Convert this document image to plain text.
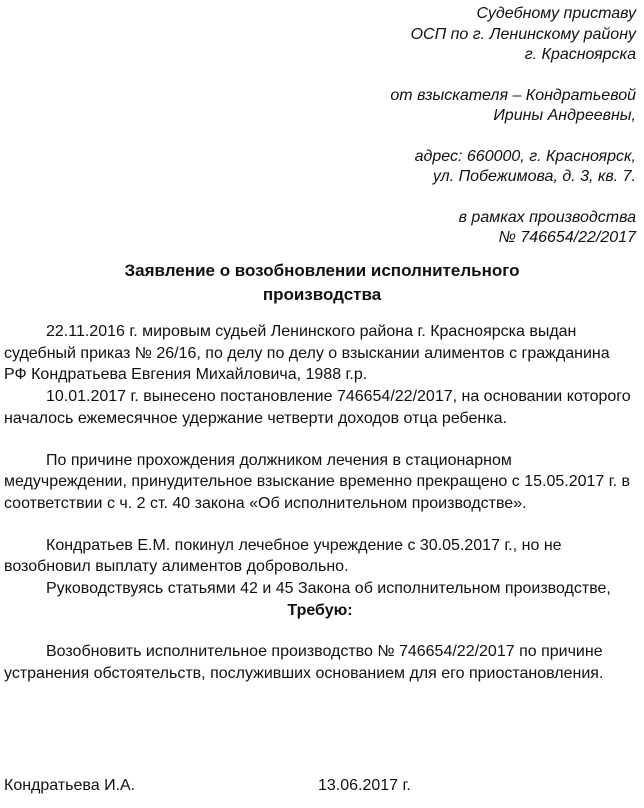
Судебному приставу
ОСП по г. Ленинскому району
г. Красноярска
от взыскателя – Кондратьевой
Ирины Андреевны,
адрес: 660000, г. Красноярск,
ул. Побежимова, д. 3, кв. 7.
в рамках производства
№ 746654/22/2017
Заявление о возобновлении исполнительного
производства

22.11.2016 г. мировым судьей Ленинского района г. Красноярска выдан судебный приказ № 26/16, по делу по делу о взыскании алиментов с гражданина РФ Кондратьева Евгения Михайловича, 1988 г.р.

10.01.2017 г. вынесено постановление 746654/22/2017, на основании которого началось ежемесячное удержание четверти доходов отца ребенка.

По причине прохождения должником лечения в стационарном медучреждении, принудительное взыскание временно прекращено с 15.05.2017 г. в соответствии с ч. 2 ст. 40 закона «Об исполнительном производстве».

Кондратьев Е.М. покинул лечебное учреждение с 30.05.2017 г., но не возобновил выплату алиментов добровольно.

Руководствуясь статьями 42 и 45 Закона об исполнительном производстве,

Требую:

Возобновить исполнительное производство № 746654/22/2017 по причине устранения обстоятельств, послуживших основанием для его приостановления.

Кондратьева И.А.	13.06.2017 г.
